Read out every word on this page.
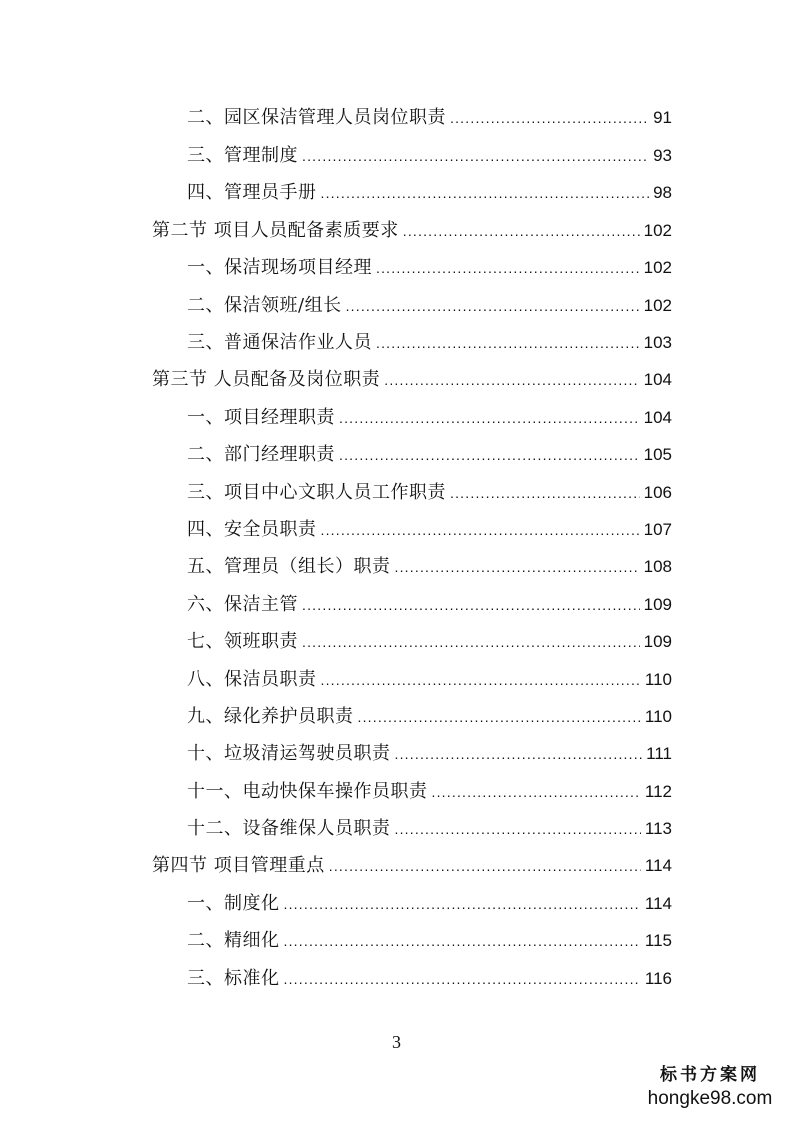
二、园区保洁管理人员岗位职责 .....	91
三、管理制度 .....	93
四、管理员手册 .....	98
第二节 项目人员配备素质要求 .....	102
一、保洁现场项目经理 .....	102
二、保洁领班/组长 .....	102
三、普通保洁作业人员 .....	103
第三节 人员配备及岗位职责 .....	104
一、项目经理职责 .....	104
二、部门经理职责 .....	105
三、项目中心文职人员工作职责 .....	106
四、安全员职责 .....	107
五、管理员（组长）职责 .....	108
六、保洁主管 .....	109
七、领班职责 .....	109
八、保洁员职责 .....	110
九、绿化养护员职责 .....	110
十、垃圾清运驾驶员职责 .....	111
十一、电动快保车操作员职责 .....	112
十二、设备维保人员职责 .....	113
第四节 项目管理重点 .....	114
一、制度化 .....	114
二、精细化 .....	115
三、标准化 .....	116
3
标书方案网
hongke98.com
